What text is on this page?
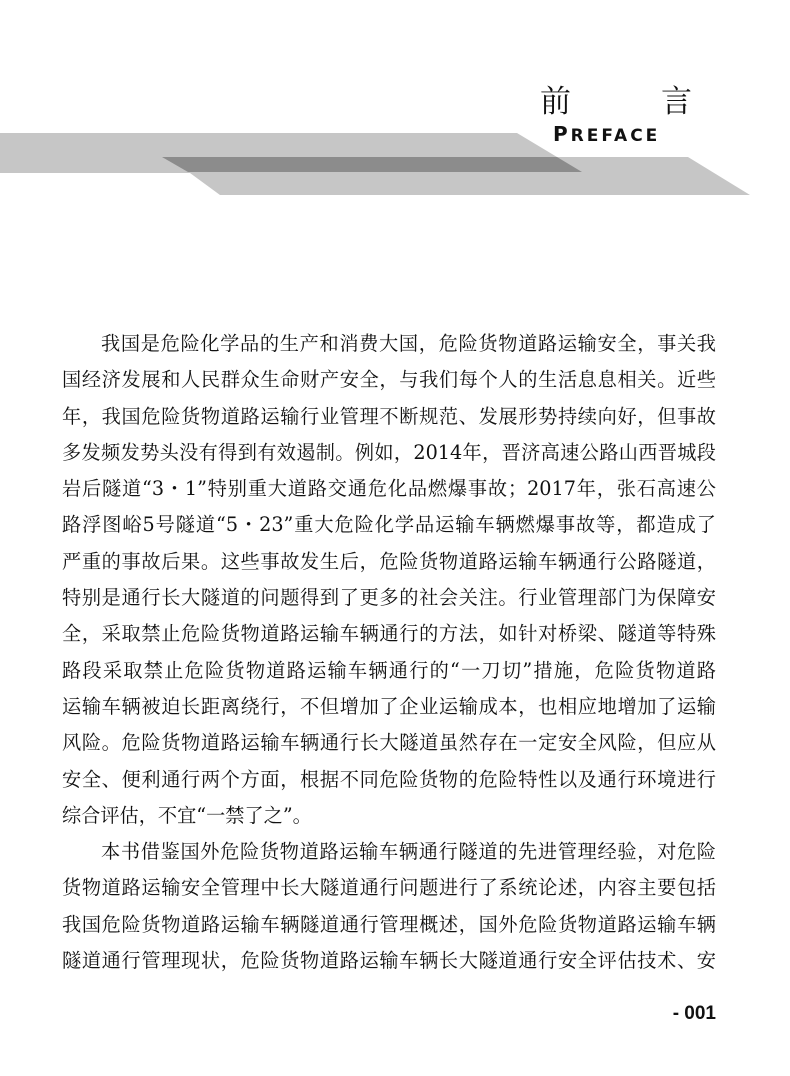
前	言
PREFACE
我国是危险化学品的生产和消费大国，危险货物道路运输安全，事关我
国经济发展和人民群众生命财产安全，与我们每个人的生活息息相关。近些
年，我国危险货物道路运输行业管理不断规范、发展形势持续向好，但事故
多发频发势头没有得到有效遏制。例如，2014年，晋济高速公路山西晋城段
岩后隧道“3・1”特别重大道路交通危化品燃爆事故；2017年，张石高速公
路浮图峪5号隧道“5・23”重大危险化学品运输车辆燃爆事故等，都造成了
严重的事故后果。这些事故发生后，危险货物道路运输车辆通行公路隧道，
特别是通行长大隧道的问题得到了更多的社会关注。行业管理部门为保障安
全，采取禁止危险货物道路运输车辆通行的方法，如针对桥梁、隧道等特殊
路段采取禁止危险货物道路运输车辆通行的“一刀切”措施，危险货物道路
运输车辆被迫长距离绕行，不但增加了企业运输成本，也相应地增加了运输
风险。危险货物道路运输车辆通行长大隧道虽然存在一定安全风险，但应从
安全、便利通行两个方面，根据不同危险货物的危险特性以及通行环境进行
综合评估，不宜“一禁了之”。
本书借鉴国外危险货物道路运输车辆通行隧道的先进管理经验，对危险
货物道路运输安全管理中长大隧道通行问题进行了系统论述，内容主要包括
我国危险货物道路运输车辆隧道通行管理概述，国外危险货物道路运输车辆
隧道通行管理现状，危险货物道路运输车辆长大隧道通行安全评估技术、安
- 001
